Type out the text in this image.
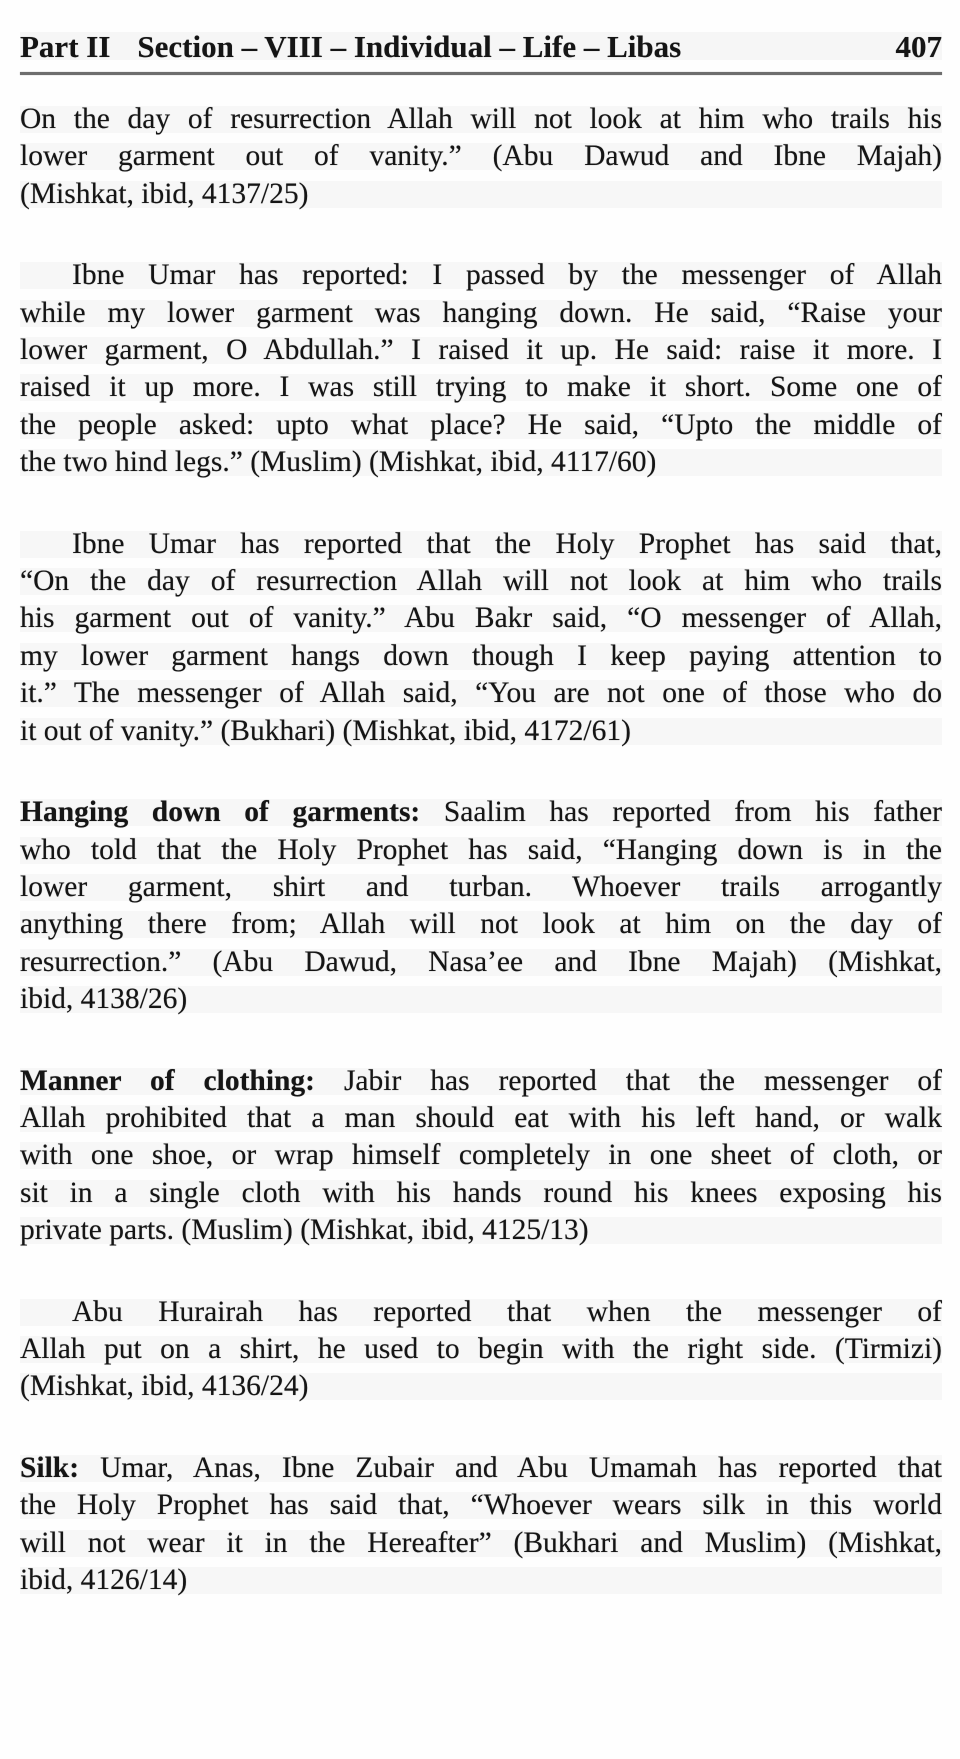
Part II Section – VIII – Individual – Life – Libas	407
On the day of resurrection Allah will not look at him who trails his
lower garment out of vanity.” (Abu Dawud and Ibne Majah)
(Mishkat, ibid, 4137/25)
Ibne Umar has reported: I passed by the messenger of Allah
while my lower garment was hanging down. He said, “Raise your
lower garment, O Abdullah.” I raised it up. He said: raise it more. I
raised it up more. I was still trying to make it short. Some one of
the people asked: upto what place? He said, “Upto the middle of
the two hind legs.” (Muslim) (Mishkat, ibid, 4117/60)
Ibne Umar has reported that the Holy Prophet has said that,
“On the day of resurrection Allah will not look at him who trails
his garment out of vanity.” Abu Bakr said, “O messenger of Allah,
my lower garment hangs down though I keep paying attention to
it.” The messenger of Allah said, “You are not one of those who do
it out of vanity.” (Bukhari) (Mishkat, ibid, 4172/61)
Hanging down of garments: Saalim has reported from his father
who told that the Holy Prophet has said, “Hanging down is in the
lower garment, shirt and turban. Whoever trails arrogantly
anything there from; Allah will not look at him on the day of
resurrection.” (Abu Dawud, Nasa’ee and Ibne Majah) (Mishkat,
ibid, 4138/26)
Manner of clothing: Jabir has reported that the messenger of
Allah prohibited that a man should eat with his left hand, or walk
with one shoe, or wrap himself completely in one sheet of cloth, or
sit in a single cloth with his hands round his knees exposing his
private parts. (Muslim) (Mishkat, ibid, 4125/13)
Abu Hurairah has reported that when the messenger of
Allah put on a shirt, he used to begin with the right side. (Tirmizi)
(Mishkat, ibid, 4136/24)
Silk: Umar, Anas, Ibne Zubair and Abu Umamah has reported that
the Holy Prophet has said that, “Whoever wears silk in this world
will not wear it in the Hereafter” (Bukhari and Muslim) (Mishkat,
ibid, 4126/14)
